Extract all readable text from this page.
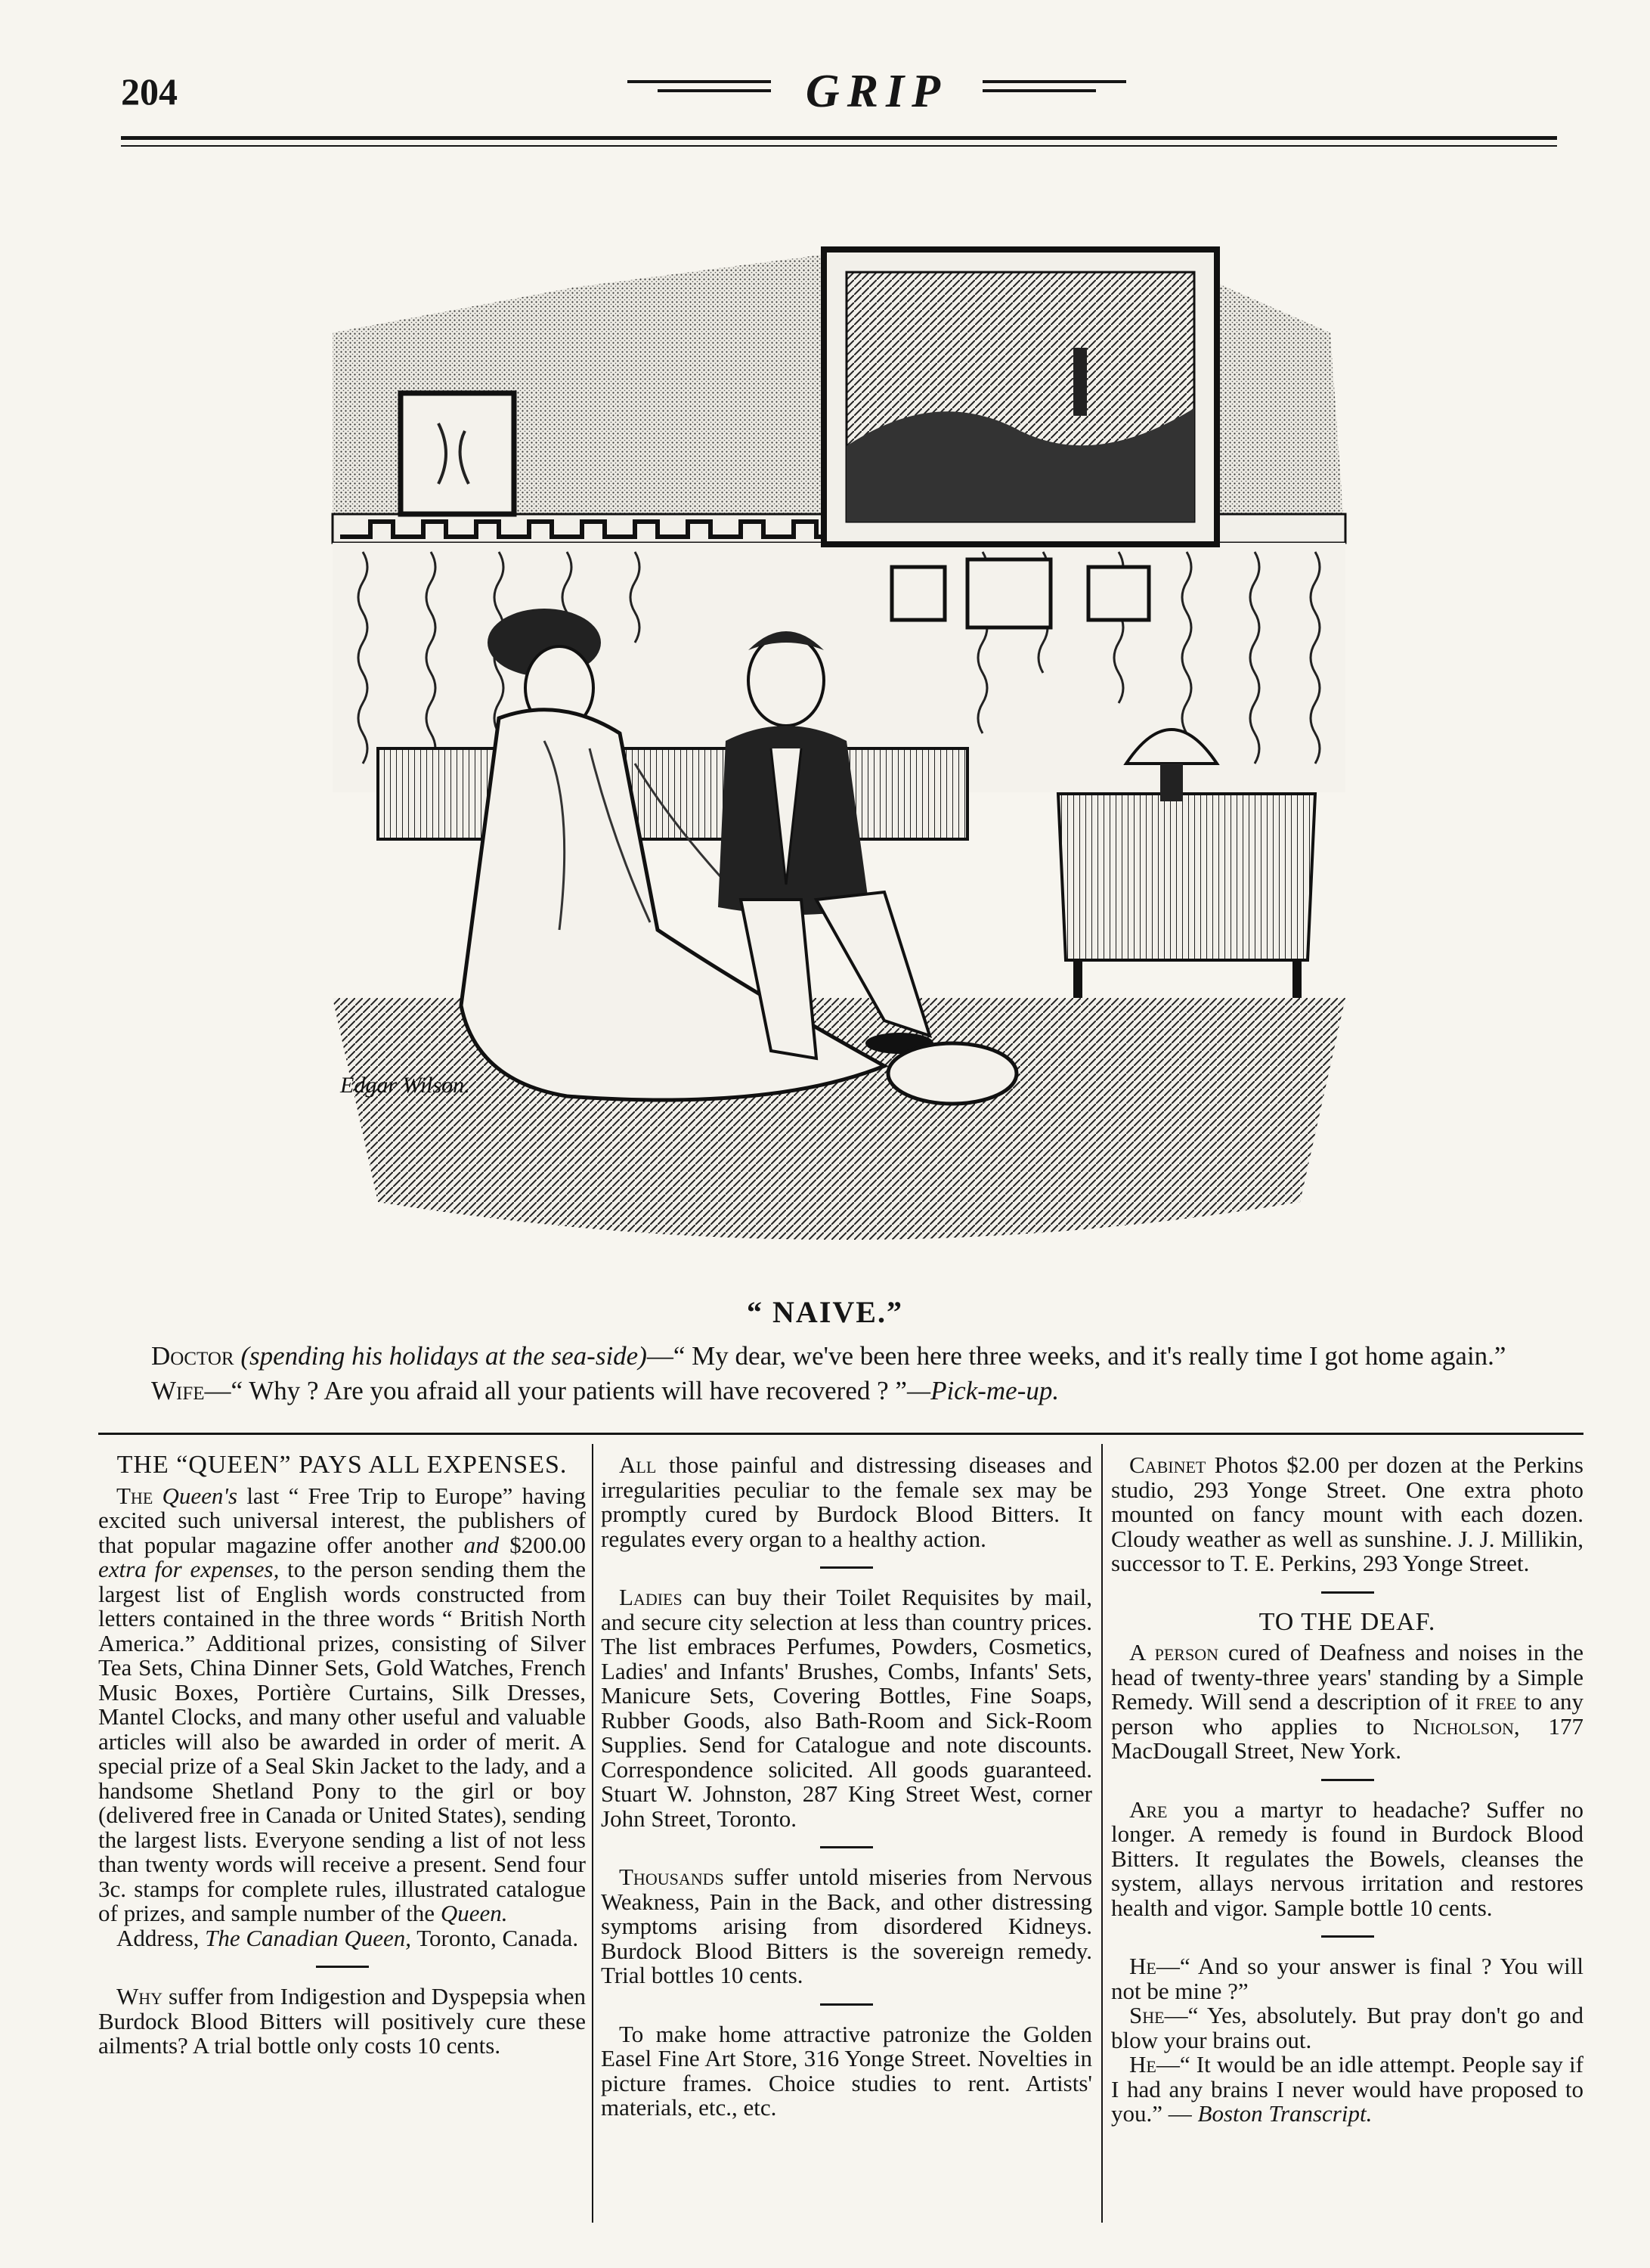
204	GRIP
Edgar Wilson.
“ NAIVE.”
Doctor (spending his holidays at the sea-side)—“ My dear, we've been here three weeks, and it's really time I got home again.”
Wife—“ Why ? Are you afraid all your patients will have recovered ? ”—Pick-me-up.
THE “QUEEN” PAYS ALL EXPENSES.

The Queen's last “ Free Trip to Europe” having excited such universal interest, the publishers of that popular magazine offer another and $200.00 extra for expenses, to the person sending them the largest list of English words constructed from letters contained in the three words “ British North America.” Additional prizes, consisting of Silver Tea Sets, China Dinner Sets, Gold Watches, French Music Boxes, Portière Curtains, Silk Dresses, Mantel Clocks, and many other useful and valuable articles will also be awarded in order of merit. A special prize of a Seal Skin Jacket to the lady, and a handsome Shetland Pony to the girl or boy (delivered free in Canada or United States), sending the largest lists. Everyone sending a list of not less than twenty words will receive a present. Send four 3c. stamps for complete rules, illustrated catalogue of prizes, and sample number of the Queen.

Address, The Canadian Queen, Toronto, Canada.

Why suffer from Indigestion and Dyspepsia when Burdock Blood Bitters will positively cure these ailments? A trial bottle only costs 10 cents.

All those painful and distressing diseases and irregularities peculiar to the female sex may be promptly cured by Burdock Blood Bitters. It regulates every organ to a healthy action.

Ladies can buy their Toilet Requisites by mail, and secure city selection at less than country prices. The list embraces Perfumes, Powders, Cosmetics, Ladies' and Infants' Brushes, Combs, Infants' Sets, Manicure Sets, Covering Bottles, Fine Soaps, Rubber Goods, also Bath-Room and Sick-Room Supplies. Send for Catalogue and note discounts. Correspondence solicited. All goods guaranteed. Stuart W. Johnston, 287 King Street West, corner John Street, Toronto.

Thousands suffer untold miseries from Nervous Weakness, Pain in the Back, and other distressing symptoms arising from disordered Kidneys. Burdock Blood Bitters is the sovereign remedy. Trial bottles 10 cents.

To make home attractive patronize the Golden Easel Fine Art Store, 316 Yonge Street. Novelties in picture frames. Choice studies to rent. Artists' materials, etc., etc.

Cabinet Photos $2.00 per dozen at the Perkins studio, 293 Yonge Street. One extra photo mounted on fancy mount with each dozen. Cloudy weather as well as sunshine. J. J. Millikin, successor to T. E. Perkins, 293 Yonge Street.

TO THE DEAF.

A person cured of Deafness and noises in the head of twenty-three years' standing by a Simple Remedy. Will send a description of it free to any person who applies to Nicholson, 177 MacDougall Street, New York.

Are you a martyr to headache? Suffer no longer. A remedy is found in Burdock Blood Bitters. It regulates the Bowels, cleanses the system, allays nervous irritation and restores health and vigor. Sample bottle 10 cents.

He—“ And so your answer is final ? You will not be mine ?”

She—“ Yes, absolutely. But pray don't go and blow your brains out.

He—“ It would be an idle attempt. People say if I had any brains I never would have proposed to you.” — Boston Transcript.
